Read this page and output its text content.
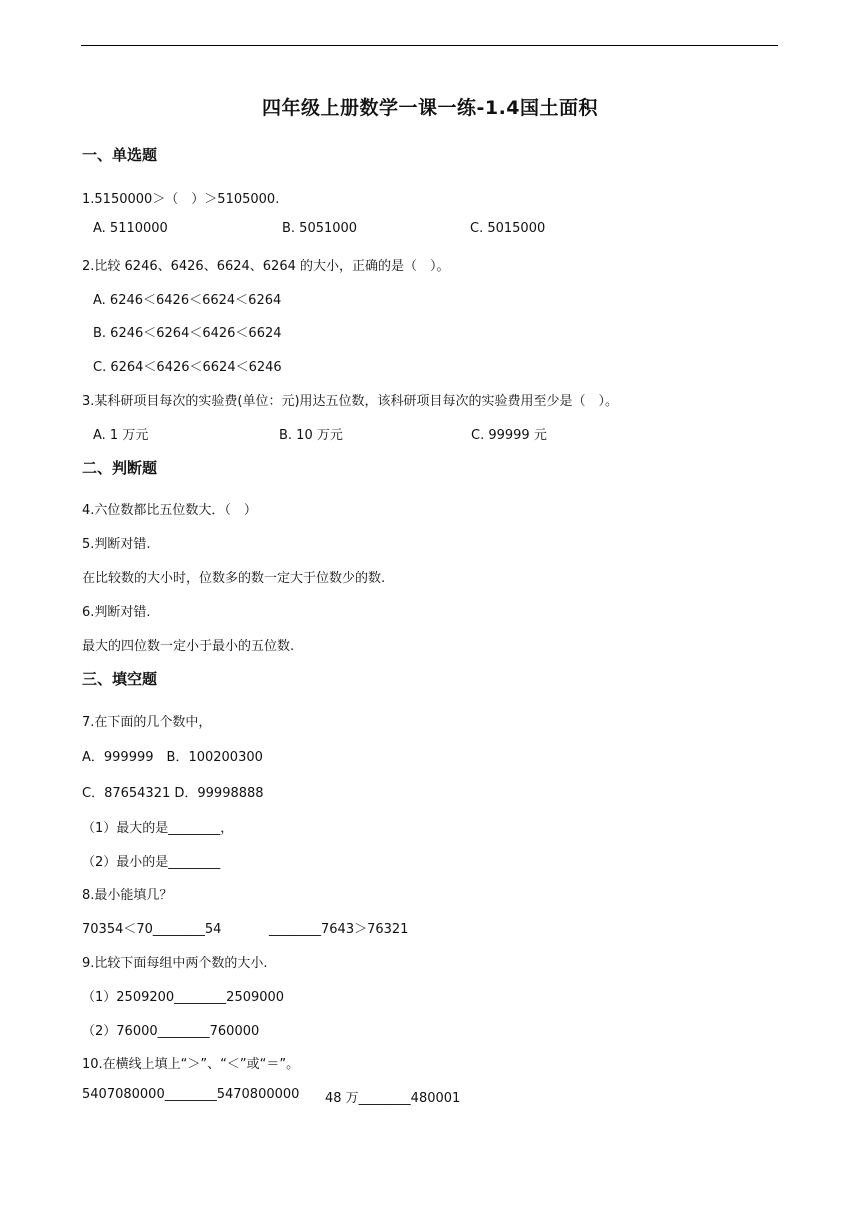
四年级上册数学一课一练-1.4国土面积
一、单选题
1.5150000＞（　）＞5105000.
A. 5110000	B. 5051000	C. 5015000
2.比较 6246、6426、6624、6264 的大小，正确的是（　）。
A. 6246＜6426＜6624＜6264
B. 6246＜6264＜6426＜6624
C. 6264＜6426＜6624＜6246
3.某科研项目每次的实验费(单位：元)用达五位数，该科研项目每次的实验费用至少是（　）。
A. 1 万元	B. 10 万元	C. 99999 元
二、判断题
4.六位数都比五位数大．（　）
5.判断对错.
在比较数的大小时，位数多的数一定大于位数少的数.
6.判断对错.
最大的四位数一定小于最小的五位数.
三、填空题
7.在下面的几个数中，
A．999999　B．100200300
C．87654321 D．99998888
（1）最大的是________，
（2）最小的是________
8.最小能填几？
70354＜70________54	________7643＞76321
9.比较下面每组中两个数的大小.
（1）2509200________2509000
（2）76000________760000
10.在横线上填上“＞”、“＜”或“＝”。
5407080000________5470800000 48 万________480001
